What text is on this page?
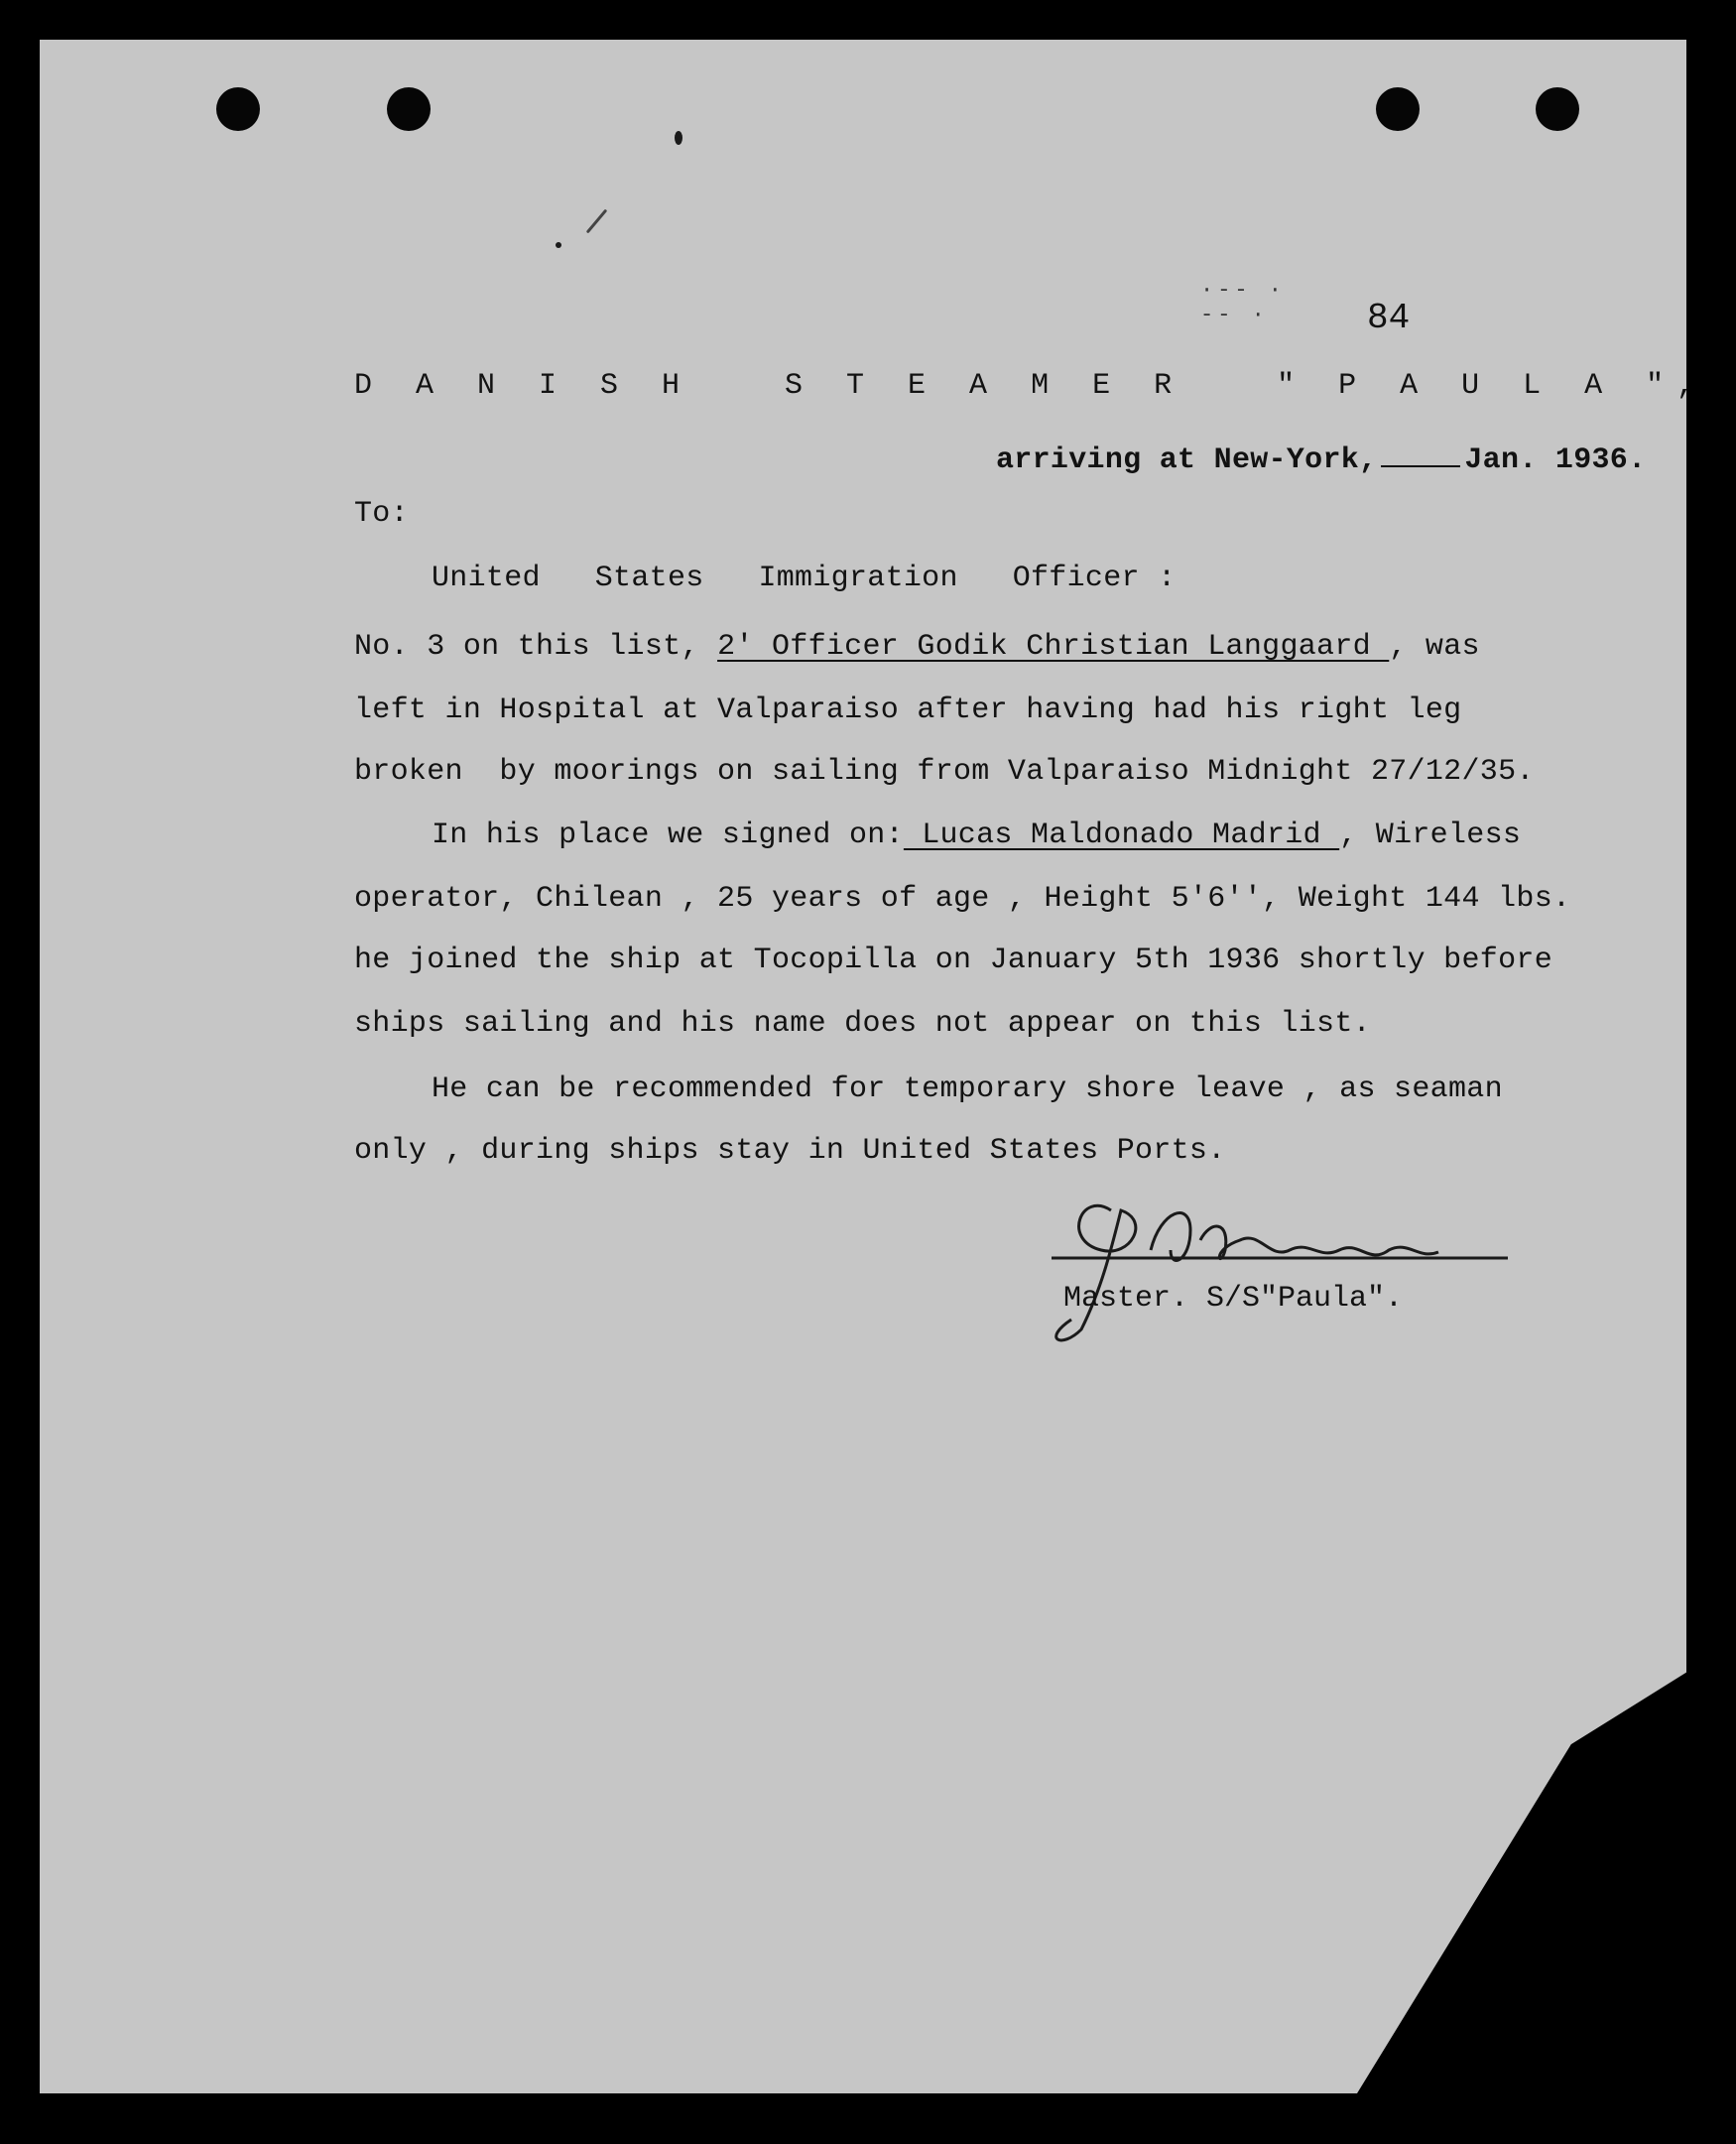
·‑‑ ·
‑‑ ·	84
D A N I S H   S T E A M E R   " P A U L A ",
arriving at New-York,	Jan. 1936.
To:
United   States   Immigration   Officer :
No. 3 on this list, 2' Officer Godik Christian Langgaard , was
left in Hospital at Valparaiso after having had his right leg
broken  by moorings on sailing from Valparaiso Midnight 27/12/35.
In his place we signed on: Lucas Maldonado Madrid , Wireless
operator, Chilean , 25 years of age , Height 5'6'', Weight 144 lbs.
he joined the ship at Tocopilla on January 5th 1936 shortly before
ships sailing and his name does not appear on this list.
He can be recommended for temporary shore leave , as seaman
only , during ships stay in United States Ports.
Master. S/S"Paula".
